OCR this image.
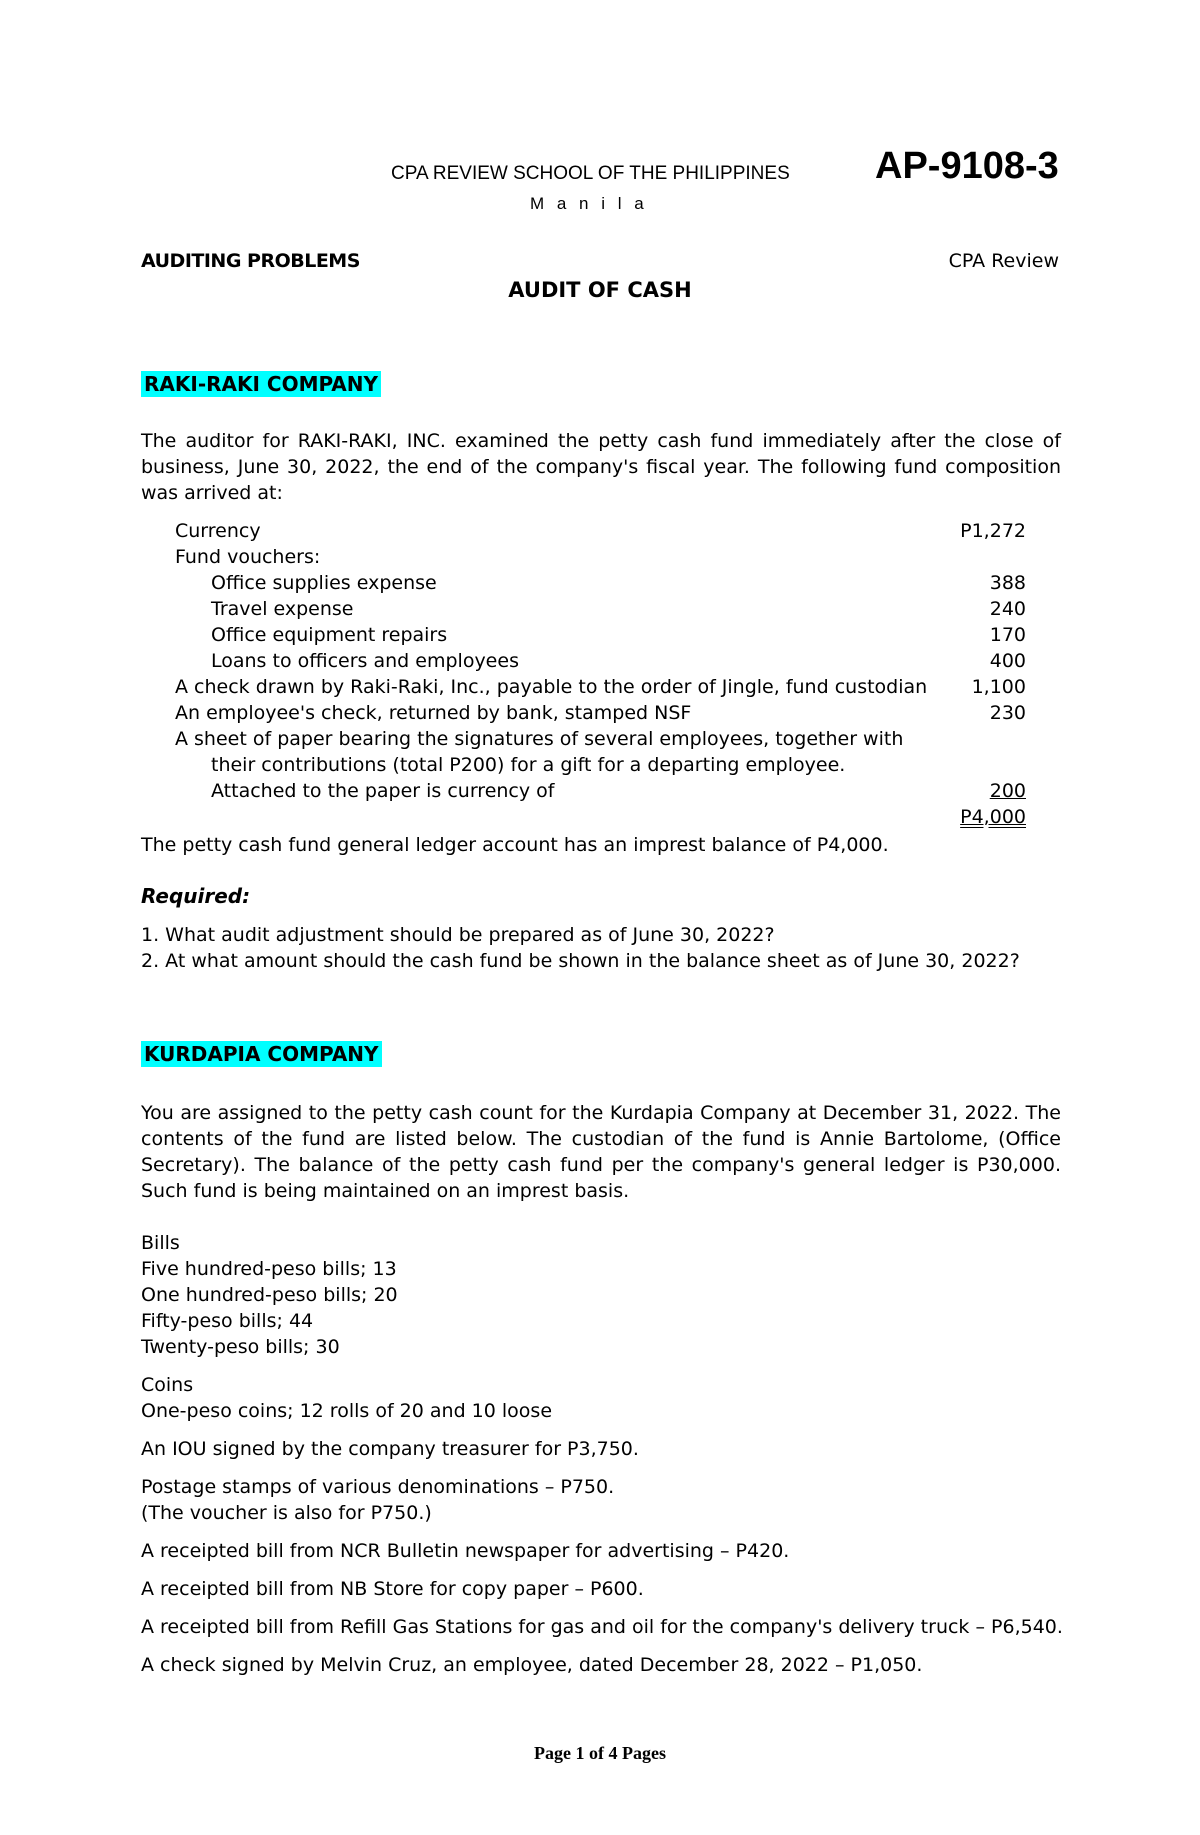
CPA REVIEW SCHOOL OF THE PHILIPPINES AP-9108-3
M a n i l a
AUDITING PROBLEMS	CPA Review
AUDIT OF CASH
RAKI-RAKI COMPANY
The auditor for RAKI-RAKI, INC. examined the petty cash fund immediately after the close of business, June 30, 2022, the end of the company's fiscal year. The following fund composition was arrived at:
Currency	P1,272
Fund vouchers:
Office supplies expense	388
Travel expense	240
Office equipment repairs	170
Loans to officers and employees	400
A check drawn by Raki-Raki, Inc., payable to the order of Jingle, fund custodian	1,100
An employee's check, returned by bank, stamped NSF	230
A sheet of paper bearing the signatures of several employees, together with
their contributions (total P200) for a gift for a departing employee.
Attached to the paper is currency of	200
P4,000
The petty cash fund general ledger account has an imprest balance of P4,000.
Required:
1. What audit adjustment should be prepared as of June 30, 2022?
2. At what amount should the cash fund be shown in the balance sheet as of June 30, 2022?
KURDAPIA COMPANY
You are assigned to the petty cash count for the Kurdapia Company at December 31, 2022. The contents of the fund are listed below. The custodian of the fund is Annie Bartolome, (Office Secretary). The balance of the petty cash fund per the company's general ledger is P30,000. Such fund is being maintained on an imprest basis.
Bills
Five hundred-peso bills; 13
One hundred-peso bills; 20
Fifty-peso bills; 44
Twenty-peso bills; 30
Coins
One-peso coins; 12 rolls of 20 and 10 loose
An IOU signed by the company treasurer for P3,750.
Postage stamps of various denominations – P750.
(The voucher is also for P750.)
A receipted bill from NCR Bulletin newspaper for advertising – P420.
A receipted bill from NB Store for copy paper – P600.
A receipted bill from Refill Gas Stations for gas and oil for the company's delivery truck – P6,540.
A check signed by Melvin Cruz, an employee, dated December 28, 2022 – P1,050.
Page 1 of 4 Pages
